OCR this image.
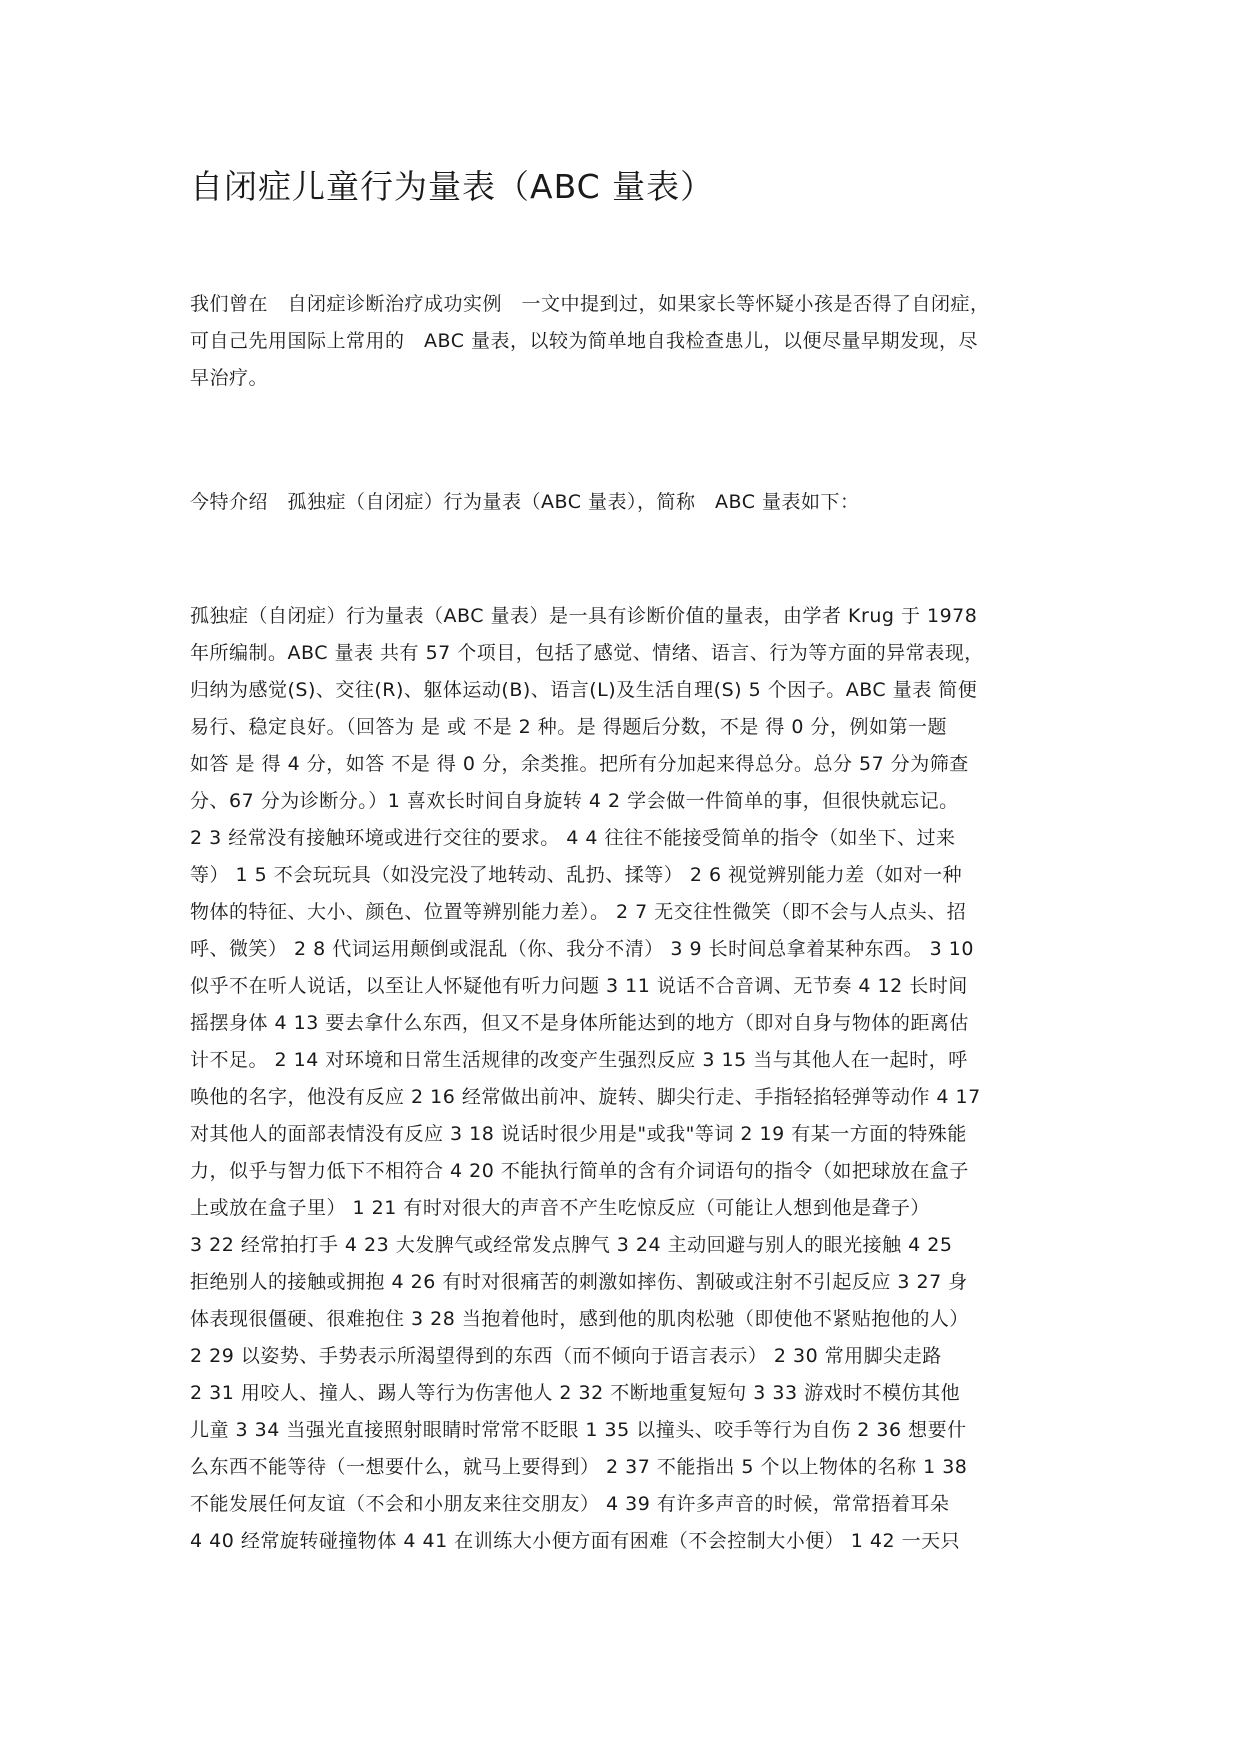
自闭症儿童行为量表（ABC 量表）

我们曾在　自闭症诊断治疗成功实例　一文中提到过，如果家长等怀疑小孩是否得了自闭症，

可自己先用国际上常用的　ABC 量表，以较为简单地自我检查患儿，以便尽量早期发现，尽

早治疗。

今特介绍　孤独症（自闭症）行为量表（ABC 量表），简称　ABC 量表如下：

孤独症（自闭症）行为量表（ABC 量表）是一具有诊断价值的量表，由学者 Krug 于 1978

年所编制。ABC 量表 共有 57 个项目，包括了感觉、情绪、语言、行为等方面的异常表现，

归纳为感觉(S)、交往(R)、躯体运动(B)、语言(L)及生活自理(S) 5 个因子。ABC 量表 简便

易行、稳定良好。（回答为 是 或 不是 2 种。是 得题后分数，不是 得 0 分，例如第一题

如答 是 得 4 分，如答 不是 得 0 分，余类推。把所有分加起来得总分。总分 57 分为筛查

分、67 分为诊断分。）1 喜欢长时间自身旋转 4 2 学会做一件简单的事，但很快就忘记。

2 3 经常没有接触环境或进行交往的要求。 4 4 往往不能接受简单的指令（如坐下、过来

等） 1 5 不会玩玩具（如没完没了地转动、乱扔、揉等） 2 6 视觉辨别能力差（如对一种

物体的特征、大小、颜色、位置等辨别能力差）。 2 7 无交往性微笑（即不会与人点头、招

呼、微笑） 2 8 代词运用颠倒或混乱（你、我分不清） 3 9 长时间总拿着某种东西。 3 10

似乎不在听人说话，以至让人怀疑他有听力问题 3 11 说话不合音调、无节奏 4 12 长时间

摇摆身体 4 13 要去拿什么东西，但又不是身体所能达到的地方（即对自身与物体的距离估

计不足。 2 14 对环境和日常生活规律的改变产生强烈反应 3 15 当与其他人在一起时，呼

唤他的名字，他没有反应 2 16 经常做出前冲、旋转、脚尖行走、手指轻掐轻弹等动作 4 17

对其他人的面部表情没有反应 3 18 说话时很少用是"或我"等词 2 19 有某一方面的特殊能

力，似乎与智力低下不相符合 4 20 不能执行简单的含有介词语句的指令（如把球放在盒子

上或放在盒子里） 1 21 有时对很大的声音不产生吃惊反应（可能让人想到他是聋子）

3 22 经常拍打手 4 23 大发脾气或经常发点脾气 3 24 主动回避与别人的眼光接触 4 25

拒绝别人的接触或拥抱 4 26 有时对很痛苦的刺激如摔伤、割破或注射不引起反应 3 27 身

体表现很僵硬、很难抱住 3 28 当抱着他时，感到他的肌肉松驰（即使他不紧贴抱他的人）

2 29 以姿势、手势表示所渴望得到的东西（而不倾向于语言表示） 2 30 常用脚尖走路

2 31 用咬人、撞人、踢人等行为伤害他人 2 32 不断地重复短句 3 33 游戏时不模仿其他

儿童 3 34 当强光直接照射眼睛时常常不眨眼 1 35 以撞头、咬手等行为自伤 2 36 想要什

么东西不能等待（一想要什么，就马上要得到） 2 37 不能指出 5 个以上物体的名称 1 38

不能发展任何友谊（不会和小朋友来往交朋友） 4 39 有许多声音的时候，常常捂着耳朵

4 40 经常旋转碰撞物体 4 41 在训练大小便方面有困难（不会控制大小便） 1 42 一天只
